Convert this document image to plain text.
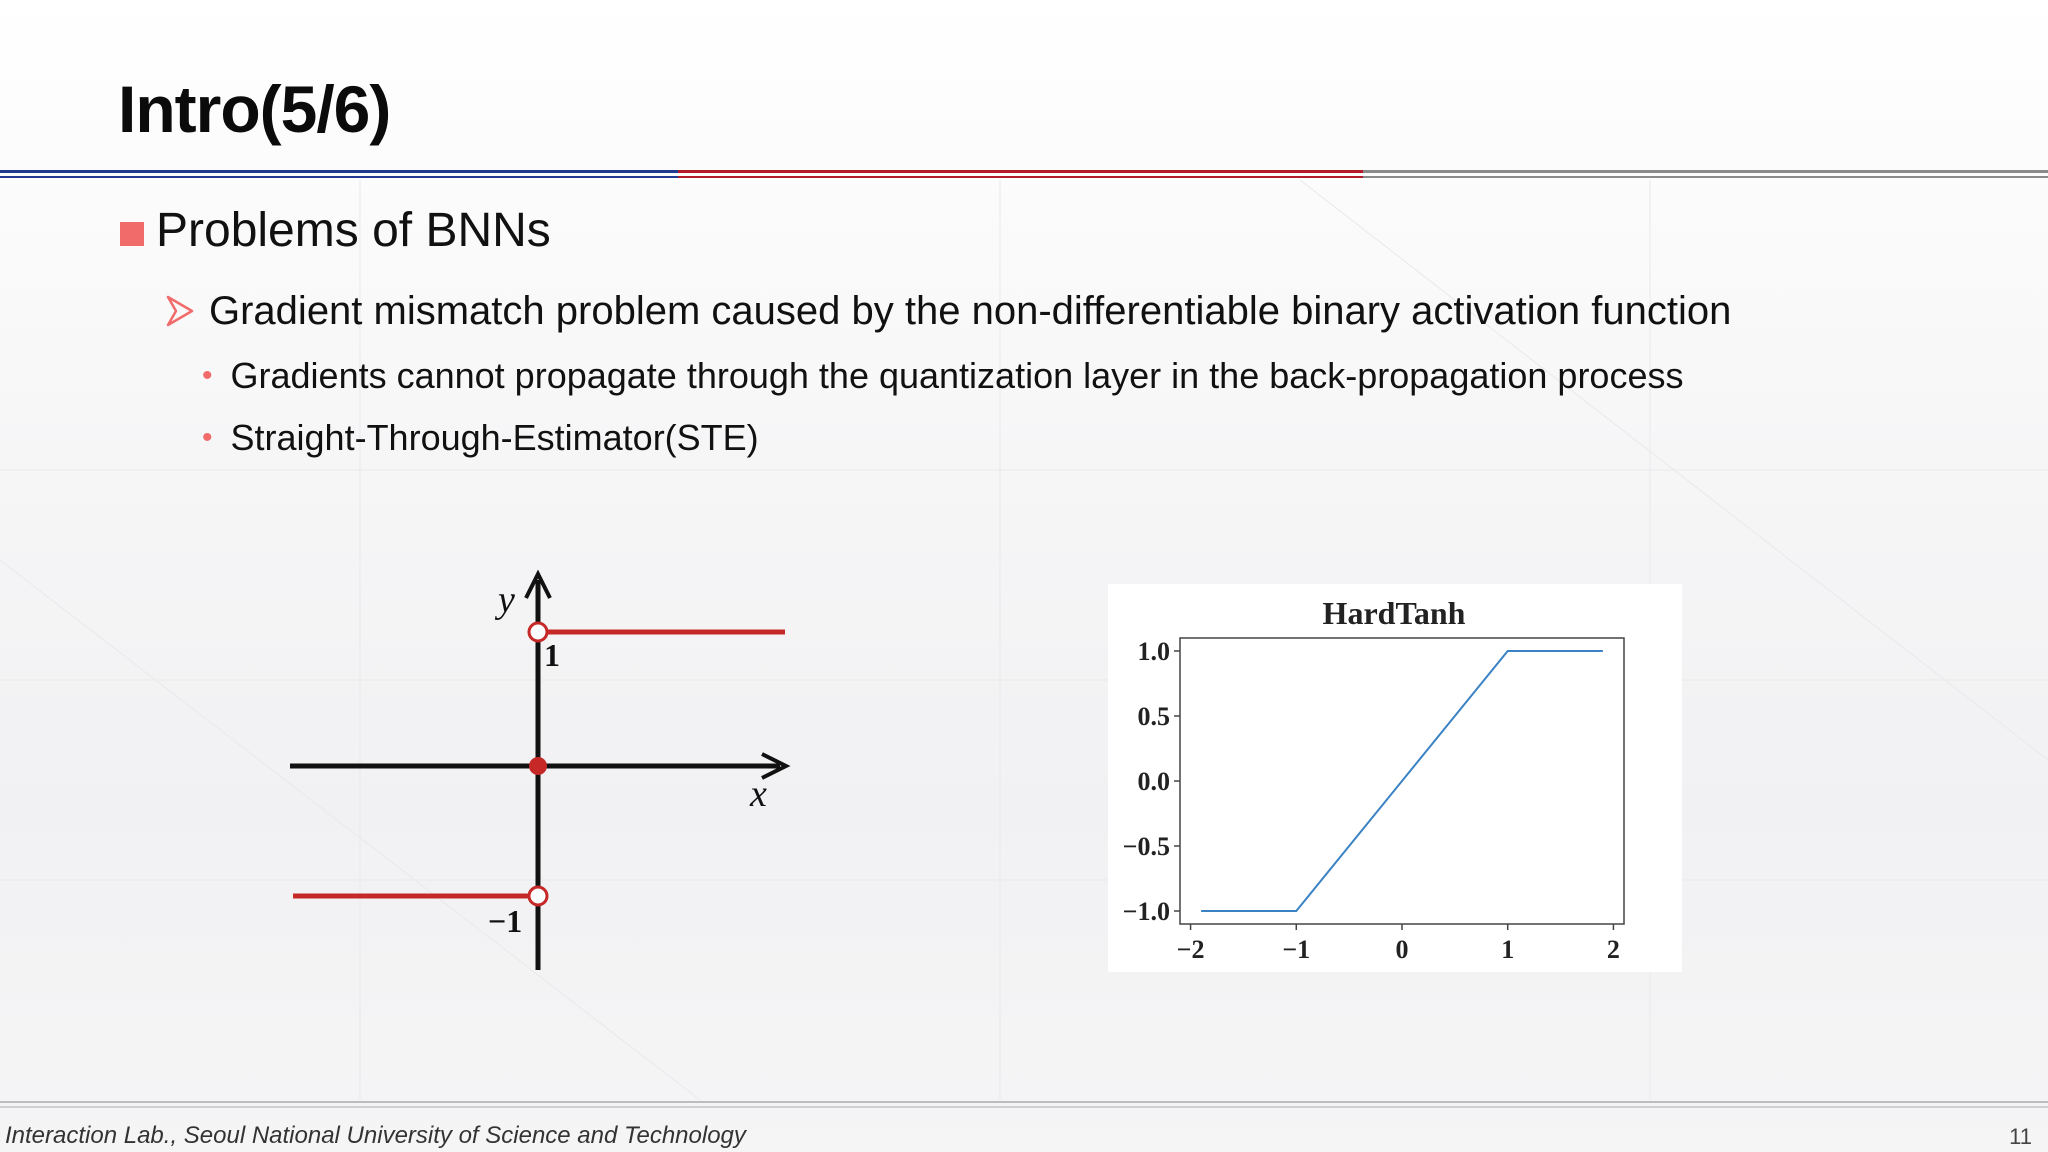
Intro(5/6)
Problems of BNNs
Gradient mismatch problem caused by the non-differentiable binary activation function
• Gradients cannot propagate through the quantization layer in the back-propagation process
• Straight-Through-Estimator(STE)
y
x
1
−1
HardTanh
−2	−1	0	1	2
1.0
0.5
0.0
−0.5
−1.0
Interaction Lab., Seoul National University of Science and Technology	11
